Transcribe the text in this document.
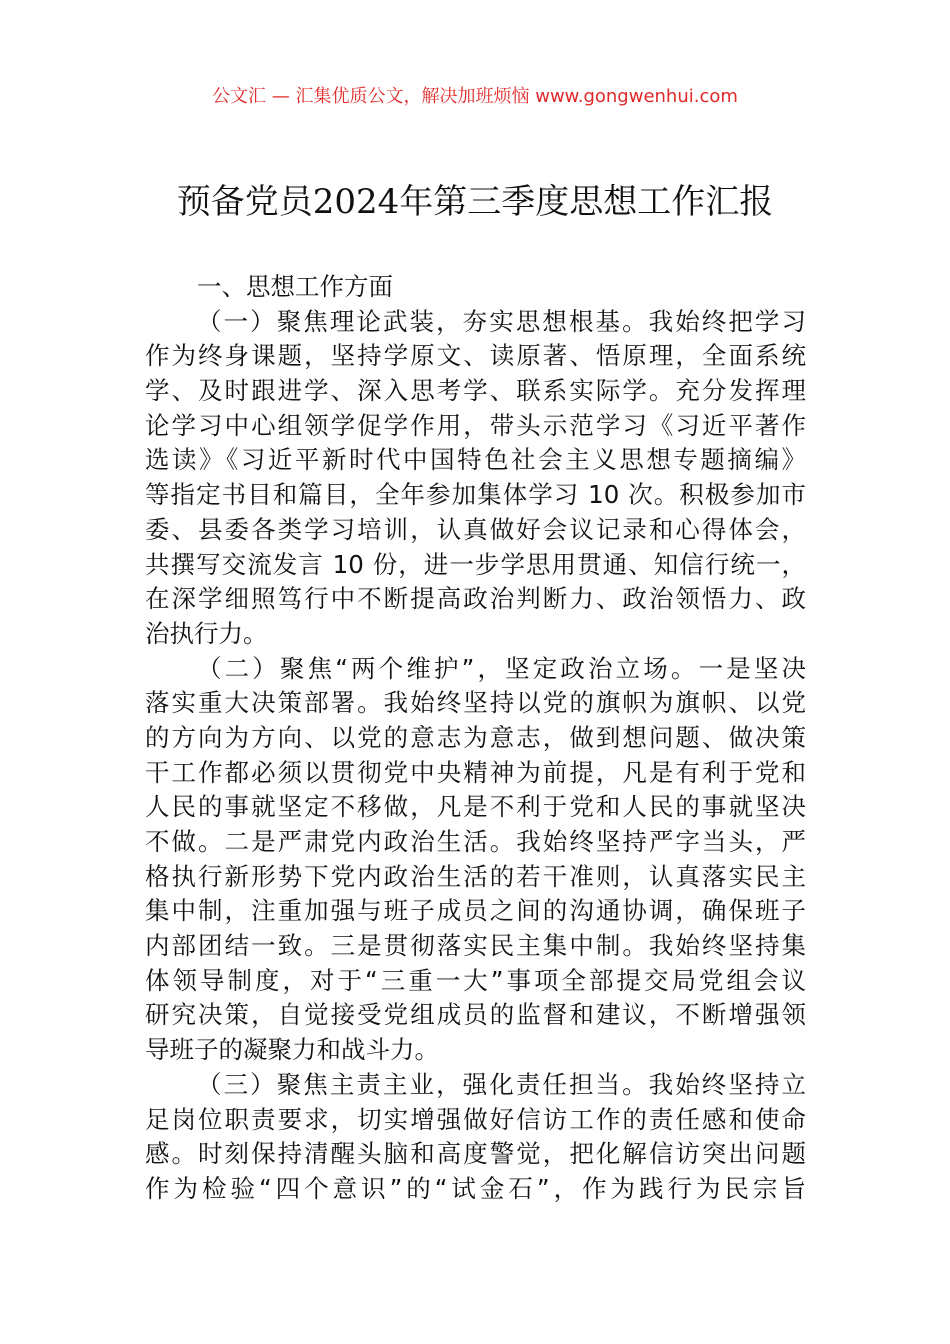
公文汇 — 汇集优质公文，解决加班烦恼 www.gongwenhui.com
预备党员2024年第三季度思想工作汇报
一、思想工作方面
（一）聚焦理论武装，夯实思想根基。我始终把学习
作为终身课题，坚持学原文、读原著、悟原理，全面系统
学、及时跟进学、深入思考学、联系实际学。充分发挥理
论学习中心组领学促学作用，带头示范学习《习近平著作
选读》《习近平新时代中国特色社会主义思想专题摘编》
等指定书目和篇目，全年参加集体学习 10 次。积极参加市
委、县委各类学习培训，认真做好会议记录和心得体会，
共撰写交流发言 10 份，进一步学思用贯通、知信行统一，
在深学细照笃行中不断提高政治判断力、政治领悟力、政
治执行力。
（二）聚焦“两个维护”，坚定政治立场。一是坚决
落实重大决策部署。我始终坚持以党的旗帜为旗帜、以党
的方向为方向、以党的意志为意志，做到想问题、做决策
干工作都必须以贯彻党中央精神为前提，凡是有利于党和
人民的事就坚定不移做，凡是不利于党和人民的事就坚决
不做。二是严肃党内政治生活。我始终坚持严字当头，严
格执行新形势下党内政治生活的若干准则，认真落实民主
集中制，注重加强与班子成员之间的沟通协调，确保班子
内部团结一致。三是贯彻落实民主集中制。我始终坚持集
体领导制度，对于“三重一大”事项全部提交局党组会议
研究决策，自觉接受党组成员的监督和建议，不断增强领
导班子的凝聚力和战斗力。
（三）聚焦主责主业，强化责任担当。我始终坚持立
足岗位职责要求，切实增强做好信访工作的责任感和使命
感。时刻保持清醒头脑和高度警觉，把化解信访突出问题
作为检验“四个意识”的“试金石”，作为践行为民宗旨
